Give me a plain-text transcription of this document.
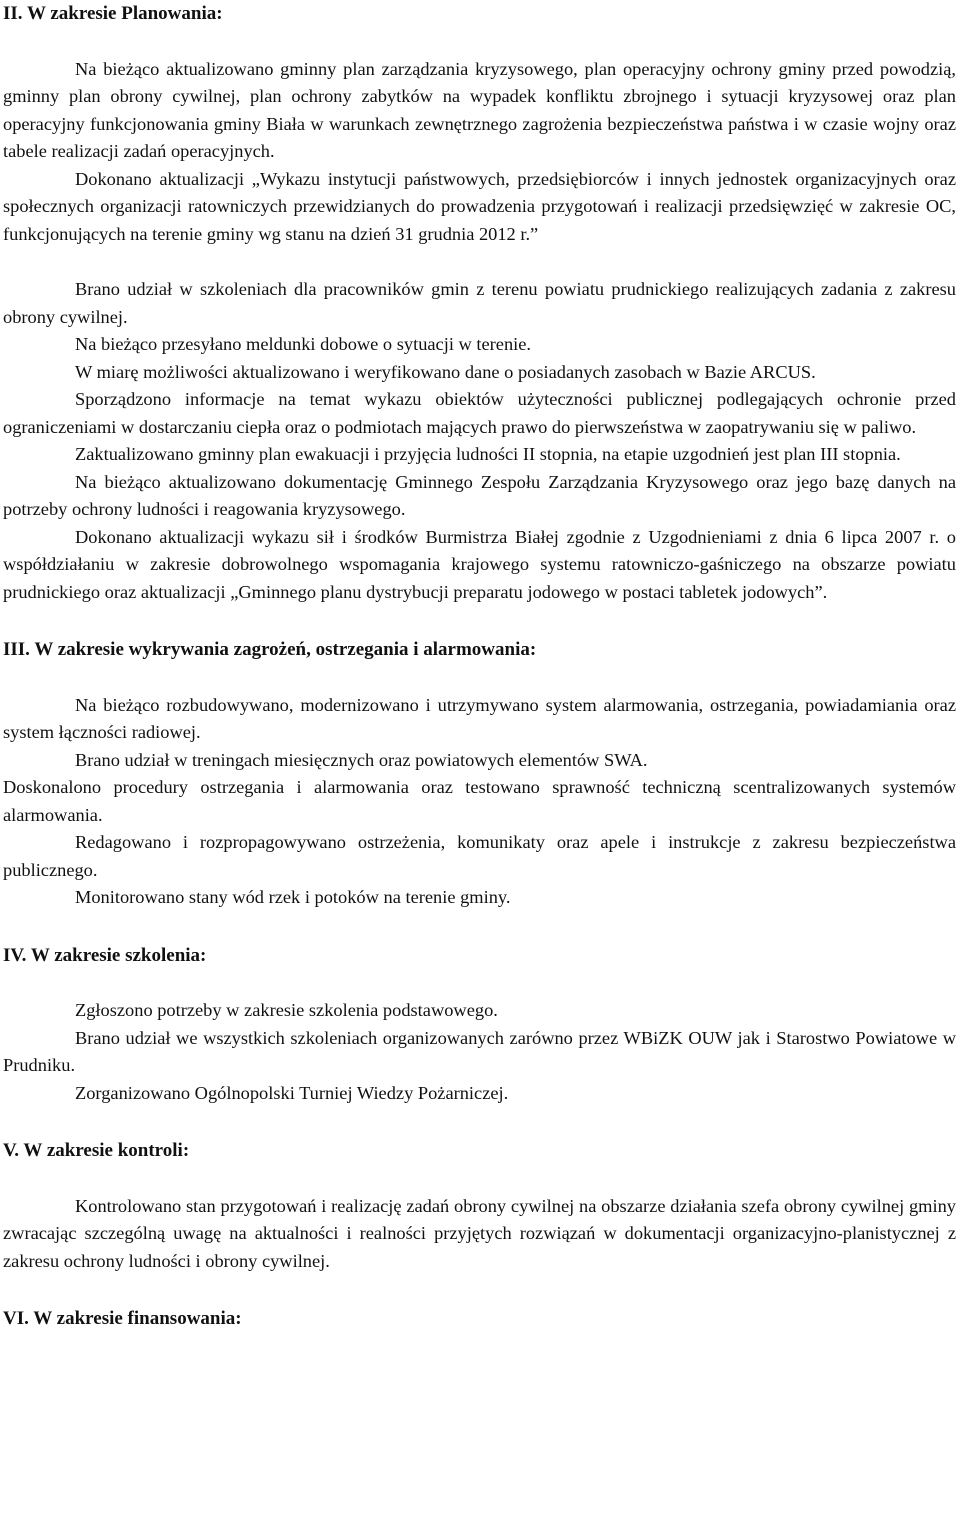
II. W zakresie Planowania:

Na bieżąco aktualizowano gminny plan zarządzania kryzysowego, plan operacyjny ochrony gminy przed powodzią, gminny plan obrony cywilnej, plan ochrony zabytków na wypadek konfliktu zbrojnego i sytuacji kryzysowej oraz plan operacyjny funkcjonowania gminy Biała w warunkach zewnętrznego zagrożenia bezpieczeństwa państwa i w czasie wojny oraz tabele realizacji zadań operacyjnych.

Dokonano aktualizacji „Wykazu instytucji państwowych, przedsiębiorców i innych jednostek organizacyjnych oraz społecznych organizacji ratowniczych przewidzianych do prowadzenia przygotowań i realizacji przedsięwzięć w zakresie OC, funkcjonujących na terenie gminy wg stanu na dzień 31 grudnia 2012 r.”

Brano udział w szkoleniach dla pracowników gmin z terenu powiatu prudnickiego realizujących zadania z zakresu obrony cywilnej.

Na bieżąco przesyłano meldunki dobowe o sytuacji w terenie.

W miarę możliwości aktualizowano i weryfikowano dane o posiadanych zasobach w Bazie ARCUS.

Sporządzono informacje na temat wykazu obiektów użyteczności publicznej podlegających ochronie przed ograniczeniami w dostarczaniu ciepła oraz o podmiotach mających prawo do pierwszeństwa w zaopatrywaniu się w paliwo.

Zaktualizowano gminny plan ewakuacji i przyjęcia ludności II stopnia, na etapie uzgodnień jest plan III stopnia.

Na bieżąco aktualizowano dokumentację Gminnego Zespołu Zarządzania Kryzysowego oraz jego bazę danych na potrzeby ochrony ludności i reagowania kryzysowego.

Dokonano aktualizacji wykazu sił i środków Burmistrza Białej zgodnie z Uzgodnieniami z dnia 6 lipca 2007 r. o współdziałaniu w zakresie dobrowolnego wspomagania krajowego systemu ratowniczo-gaśniczego na obszarze powiatu prudnickiego oraz aktualizacji „Gminnego planu dystrybucji preparatu jodowego w postaci tabletek jodowych”.

III. W zakresie wykrywania zagrożeń, ostrzegania i alarmowania:

Na bieżąco rozbudowywano, modernizowano i utrzymywano system alarmowania, ostrzegania, powiadamiania oraz system łączności radiowej.

Brano udział w treningach miesięcznych oraz powiatowych elementów SWA.

Doskonalono procedury ostrzegania i alarmowania oraz testowano sprawność techniczną scentralizowanych systemów alarmowania.

Redagowano i rozpropagowywano ostrzeżenia, komunikaty oraz apele i instrukcje z zakresu bezpieczeństwa publicznego.

Monitorowano stany wód rzek i potoków na terenie gminy.

IV. W zakresie szkolenia:

Zgłoszono potrzeby w zakresie szkolenia podstawowego.

Brano udział we wszystkich szkoleniach organizowanych zarówno przez WBiZK OUW jak i Starostwo Powiatowe w Prudniku.

Zorganizowano Ogólnopolski Turniej Wiedzy Pożarniczej.

V. W zakresie kontroli:

Kontrolowano stan przygotowań i realizację zadań obrony cywilnej na obszarze działania szefa obrony cywilnej gminy zwracając szczególną uwagę na aktualności i realności przyjętych rozwiązań w dokumentacji organizacyjno-planistycznej z zakresu ochrony ludności i obrony cywilnej.

VI. W zakresie finansowania:
